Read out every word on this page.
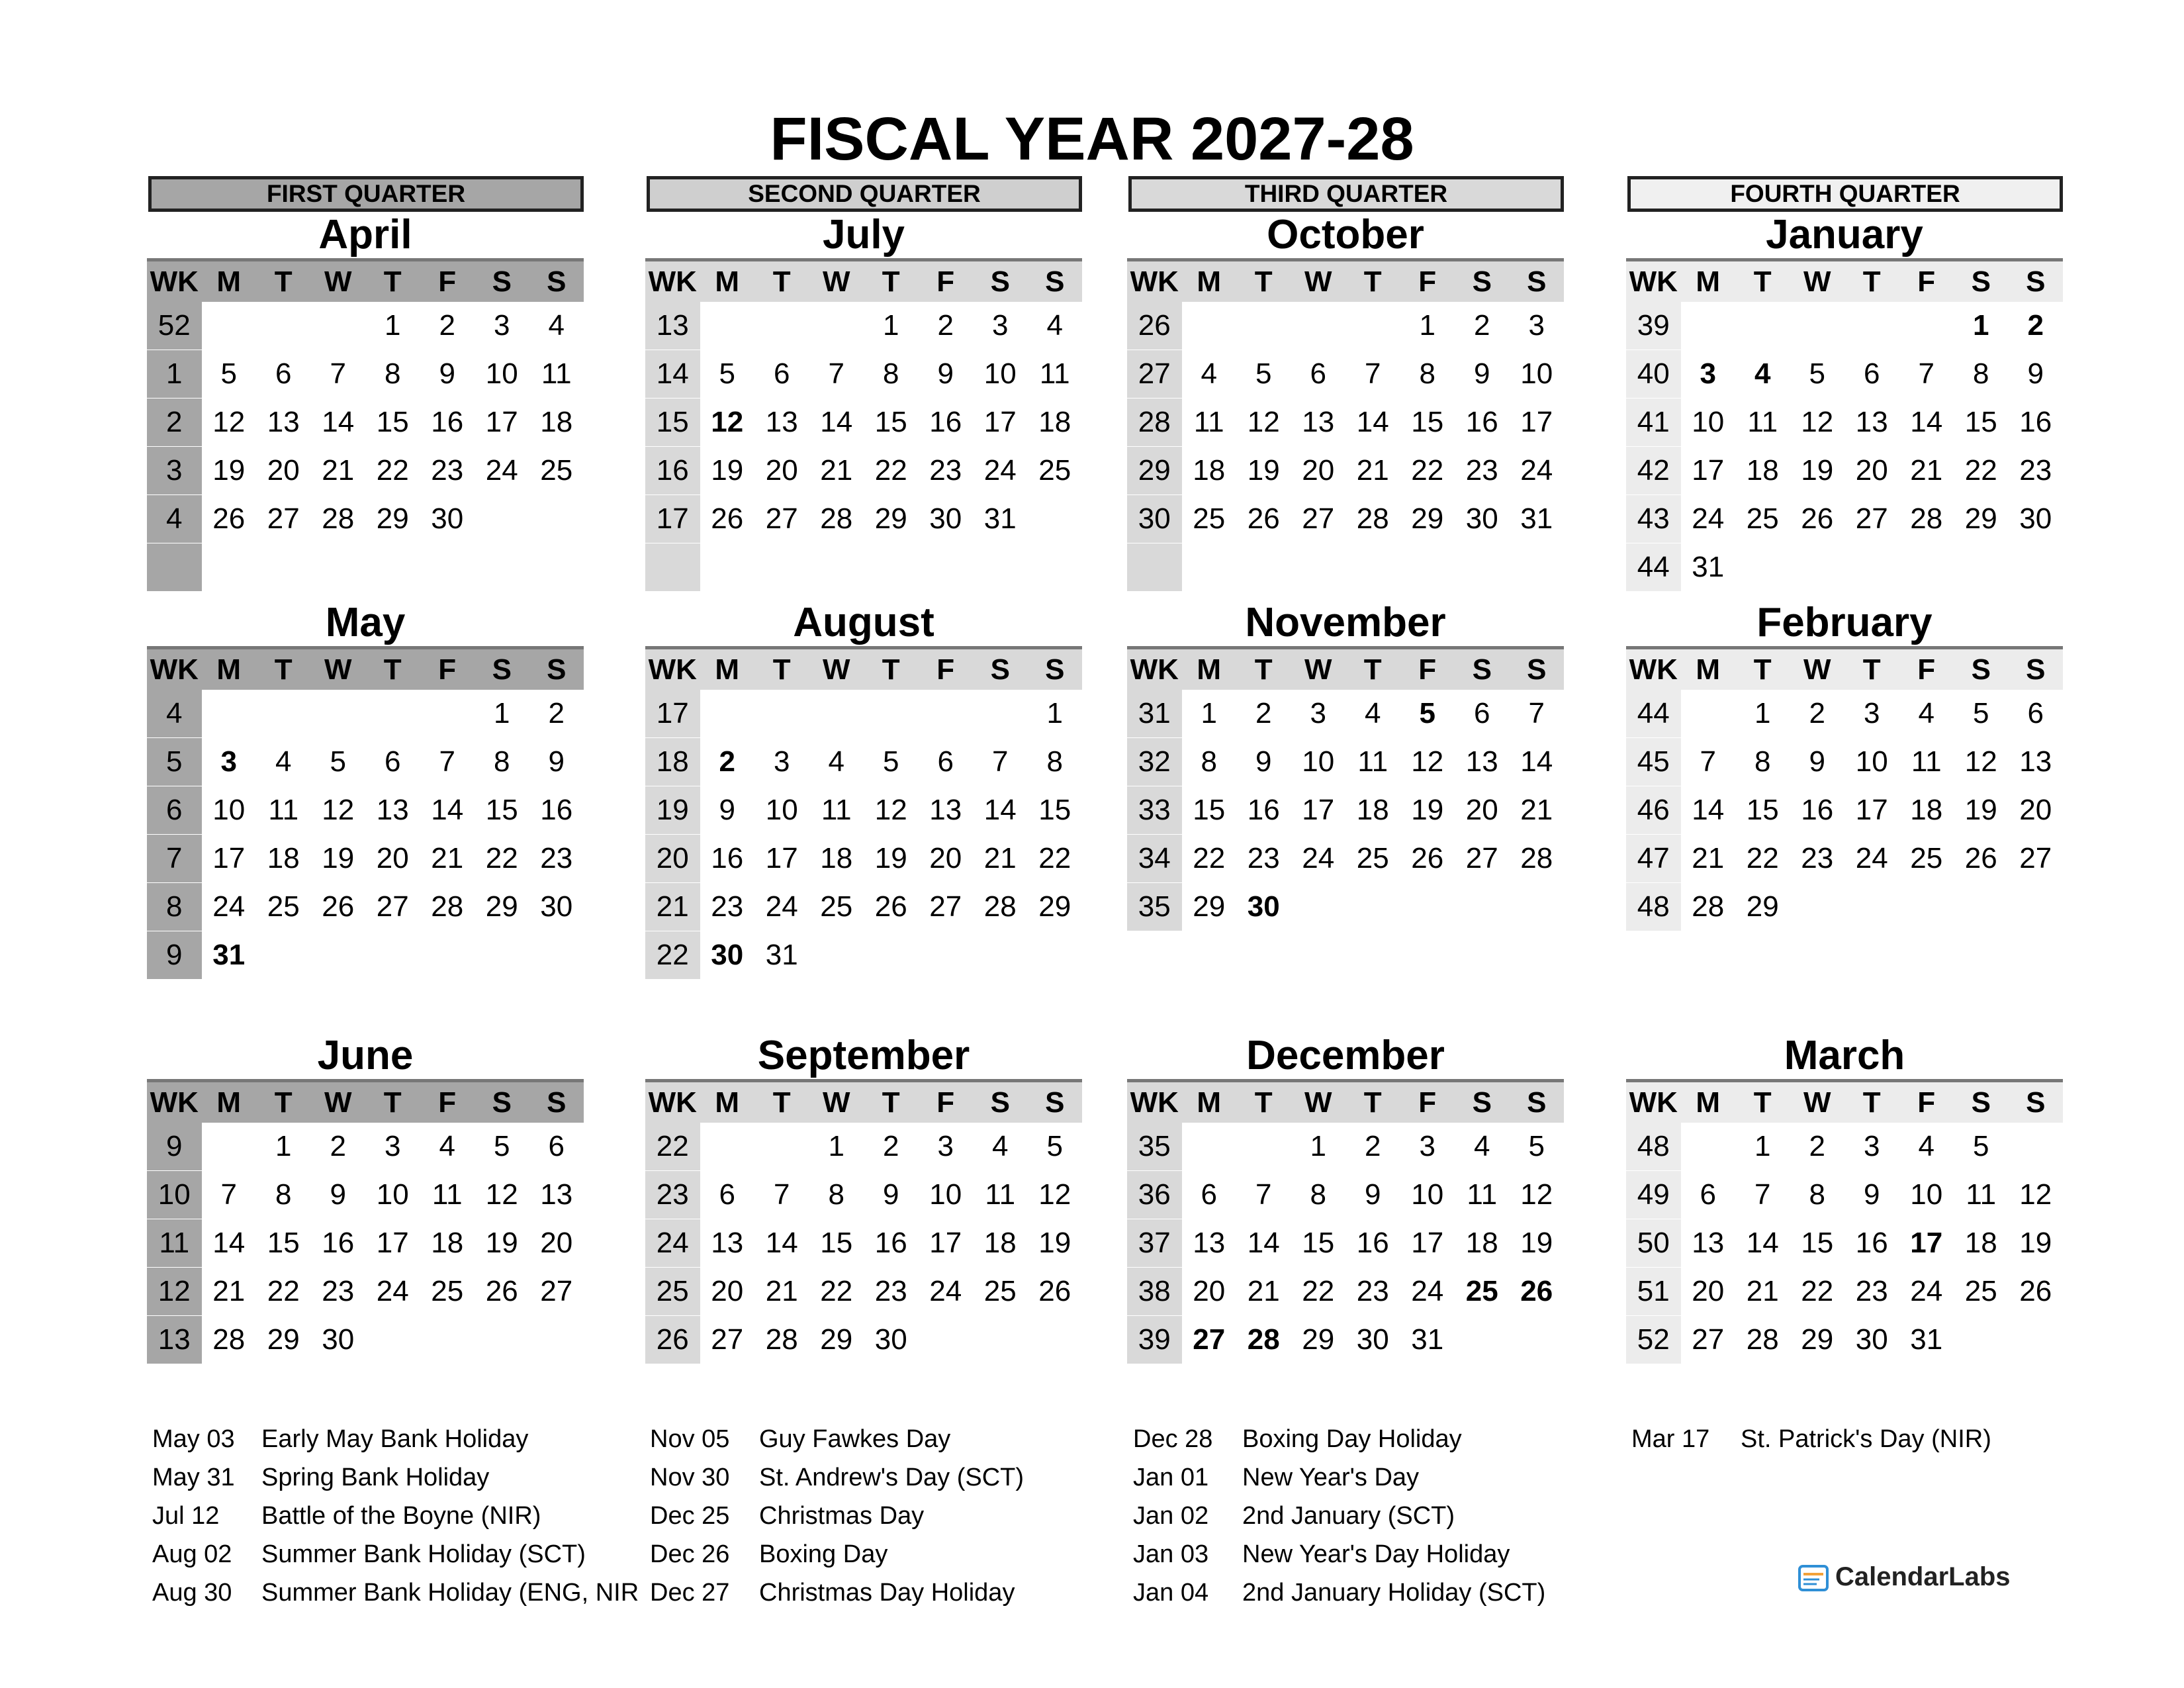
FISCAL YEAR 2027-28
FIRST QUARTER
April
WK	M	T	W	T	F	S	S
52				1	2	3	4
1	5	6	7	8	9	10	11
2	12	13	14	15	16	17	18
3	19	20	21	22	23	24	25
4	26	27	28	29	30		

May
WK	M	T	W	T	F	S	S
4						1	2
5	3	4	5	6	7	8	9
6	10	11	12	13	14	15	16
7	17	18	19	20	21	22	23
8	24	25	26	27	28	29	30
9	31						
June
WK	M	T	W	T	F	S	S
9		1	2	3	4	5	6
10	7	8	9	10	11	12	13
11	14	15	16	17	18	19	20
12	21	22	23	24	25	26	27
13	28	29	30				
SECOND QUARTER
July
WK	M	T	W	T	F	S	S
13				1	2	3	4
14	5	6	7	8	9	10	11
15	12	13	14	15	16	17	18
16	19	20	21	22	23	24	25
17	26	27	28	29	30	31	

August
WK	M	T	W	T	F	S	S
17							1
18	2	3	4	5	6	7	8
19	9	10	11	12	13	14	15
20	16	17	18	19	20	21	22
21	23	24	25	26	27	28	29
22	30	31					
September
WK	M	T	W	T	F	S	S
22			1	2	3	4	5
23	6	7	8	9	10	11	12
24	13	14	15	16	17	18	19
25	20	21	22	23	24	25	26
26	27	28	29	30			
THIRD QUARTER
October
WK	M	T	W	T	F	S	S
26					1	2	3
27	4	5	6	7	8	9	10
28	11	12	13	14	15	16	17
29	18	19	20	21	22	23	24
30	25	26	27	28	29	30	31

November
WK	M	T	W	T	F	S	S
31	1	2	3	4	5	6	7
32	8	9	10	11	12	13	14
33	15	16	17	18	19	20	21
34	22	23	24	25	26	27	28
35	29	30					
December
WK	M	T	W	T	F	S	S
35			1	2	3	4	5
36	6	7	8	9	10	11	12
37	13	14	15	16	17	18	19
38	20	21	22	23	24	25	26
39	27	28	29	30	31		
FOURTH QUARTER
January
WK	M	T	W	T	F	S	S
39						1	2
40	3	4	5	6	7	8	9
41	10	11	12	13	14	15	16
42	17	18	19	20	21	22	23
43	24	25	26	27	28	29	30
44	31						
February
WK	M	T	W	T	F	S	S
44		1	2	3	4	5	6
45	7	8	9	10	11	12	13
46	14	15	16	17	18	19	20
47	21	22	23	24	25	26	27
48	28	29					
March
WK	M	T	W	T	F	S	S
48		1	2	3	4	5	
49	6	7	8	9	10	11	12
50	13	14	15	16	17	18	19
51	20	21	22	23	24	25	26
52	27	28	29	30	31		
May 03	Early May Bank Holiday
May 31	Spring Bank Holiday
Jul 12	Battle of the Boyne (NIR)
Aug 02	Summer Bank Holiday (SCT)
Aug 30	Summer Bank Holiday (ENG, NIR
Nov 05	Guy Fawkes Day
Nov 30	St. Andrew's Day (SCT)
Dec 25	Christmas Day
Dec 26	Boxing Day
Dec 27	Christmas Day Holiday
Dec 28	Boxing Day Holiday
Jan 01	New Year's Day
Jan 02	2nd January (SCT)
Jan 03	New Year's Day Holiday
Jan 04	2nd January Holiday (SCT)
Mar 17	St. Patrick's Day (NIR)
CalendarLabs
